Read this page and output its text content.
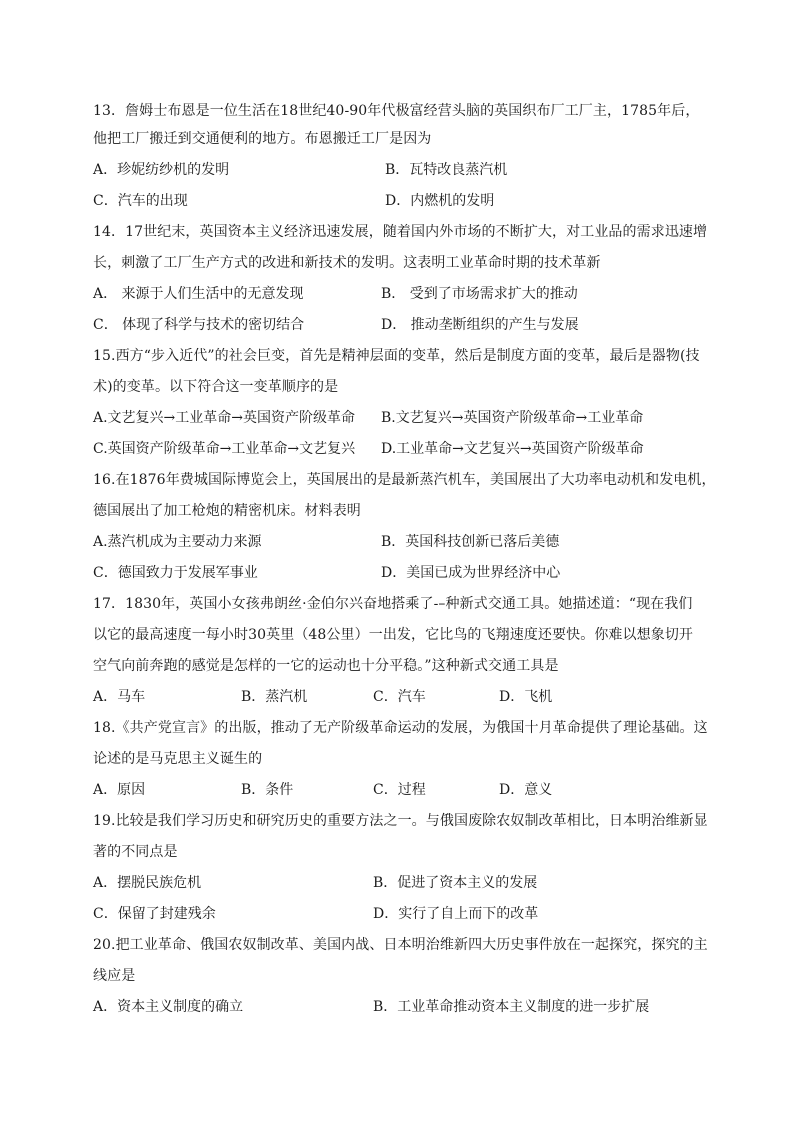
13．詹姆士布恩是一位生活在18世纪40-90年代极富经营头脑的英国织布厂工厂主，1785年后，
他把工厂搬迁到交通便利的地方。布恩搬迁工厂是因为
A．珍妮纺纱机的发明	B．瓦特改良蒸汽机
C．汽车的出现	D．内燃机的发明
14．17世纪末，英国资本主义经济迅速发展，随着国内外市场的不断扩大，对工业品的需求迅速增
长，刺激了工厂生产方式的改进和新技术的发明。这表明工业革命时期的技术革新
A． 来源于人们生活中的无意发现	B． 受到了市场需求扩大的推动
C． 体现了科学与技术的密切结合	D． 推动垄断组织的产生与发展
15.西方“步入近代”的社会巨变，首先是精神层面的变革，然后是制度方面的变革，最后是器物(技
术)的变革。以下符合这一变革顺序的是
A.文艺复兴→工业革命→英国资产阶级革命 B.文艺复兴→英国资产阶级革命→工业革命
C.英国资产阶级革命→工业革命→文艺复兴 D.工业革命→文艺复兴→英国资产阶级革命
16.在1876年费城国际博览会上，英国展出的是最新蒸汽机车，美国展出了大功率电动机和发电机，
德国展出了加工枪炮的精密机床。材料表明
A.蒸汽机成为主要动力来源	B．英国科技创新已落后美德
C．德国致力于发展军事业	D．美国已成为世界经济中心
17．1830年，英国小女孩弗朗丝·金伯尔兴奋地搭乘了-–种新式交通工具。她描述道：“现在我们
以它的最高速度一每小时30英里（48公里）一出发，它比鸟的飞翔速度还要快。你难以想象切开
空气向前奔跑的感觉是怎样的一它的运动也十分平稳。”这种新式交通工具是
A．马车	B．蒸汽机	C．汽车	D．飞机
18.《共产党宣言》的出版，推动了无产阶级革命运动的发展，为俄国十月革命提供了理论基础。这
论述的是马克思主义诞生的
A．原因	B．条件	C．过程	D．意义
19.比较是我们学习历史和研究历史的重要方法之一。与俄国废除农奴制改革相比，日本明治维新显
著的不同点是
A．摆脱民族危机	B．促进了资本主义的发展
C．保留了封建残余	D．实行了自上而下的改革
20.把工业革命、俄国农奴制改革、美国内战、日本明治维新四大历史事件放在一起探究，探究的主
线应是
A．资本主义制度的确立	B．工业革命推动资本主义制度的进一步扩展
